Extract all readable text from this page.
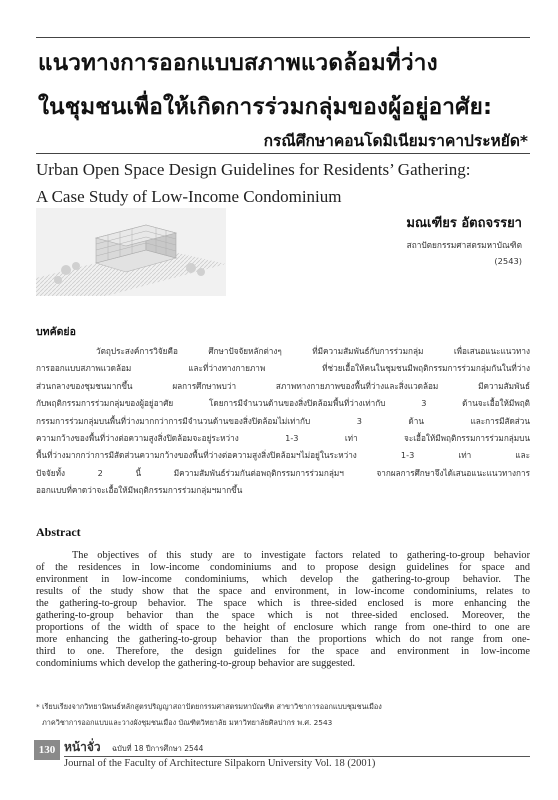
แนวทางการออกแบบสภาพแวดล้อมที่ว่าง
ในชุมชนเพื่อให้เกิดการร่วมกลุ่มของผู้อยู่อาศัย:
กรณีศึกษาคอนโดมิเนียมราคาประหยัด*
Urban Open Space Design Guidelines for Residents’ Gathering:
A Case Study of Low-Income Condominium
มณเฑียร อัตถจรรยา
สถาปัตยกรรมศาสตรมหาบัณฑิต
(2543)
บทคัดย่อ
วัตถุประสงค์การวิจัยคือ ศึกษาปัจจัยหลักต่างๆ ที่มีความสัมพันธ์กับการร่วมกลุ่ม เพื่อเสนอแนะแนวทาง
การออกแบบสภาพแวดล้อม และที่ว่างทางกายภาพ ที่ช่วยเอื้อให้คนในชุมชนมีพฤติกรรมการร่วมกลุ่มกันในที่ว่าง
ส่วนกลางของชุมชนมากขึ้น ผลการศึกษาพบว่า สภาพทางกายภาพของพื้นที่ว่างและสิ่งแวดล้อม มีความสัมพันธ์
กับพฤติกรรมการร่วมกลุ่มของผู้อยู่อาศัย โดยการมีจำนวนด้านของสิ่งปิดล้อมพื้นที่ว่างเท่ากับ 3 ด้านจะเอื้อให้มีพฤติ
กรรมการร่วมกลุ่มบนพื้นที่ว่างมากกว่าการมีจำนวนด้านของสิ่งปิดล้อมไม่เท่ากับ 3 ด้าน และการมีสัดส่วน
ความกว้างของพื้นที่ว่างต่อความสูงสิ่งปิดล้อมจะอยู่ระหว่าง 1-3 เท่า จะเอื้อให้มีพฤติกรรมการร่วมกลุ่มบน
พื้นที่ว่างมากกว่าการมีสัดส่วนความกว้างของพื้นที่ว่างต่อความสูงสิ่งปิดล้อมฯไม่อยู่ในระหว่าง 1-3 เท่า และ
ปัจจัยทั้ง 2 นี้ มีความสัมพันธ์ร่วมกันต่อพฤติกรรมการร่วมกลุ่มฯ จากผลการศึกษาจึงได้เสนอแนะแนวทางการ
ออกแบบที่คาดว่าจะเอื้อให้มีพฤติกรรมการร่วมกลุ่มฯมากขึ้น
Abstract
The objectives of this study are to investigate factors related to gathering-to-group behavior
of the residences in low-income condominiums and to propose design guidelines for space and
environment in low-income condominiums, which develop the gathering-to-group behavior. The
results of the study show that the space and environment, in low-income condominiums, relates to
the gathering-to-group behavior. The space which is three-sided enclosed is more enhancing the
gathering-to-group behavior than the space which is not three-sided enclosed. Moreover, the
proportions of the width of space to the height of enclosure which range from one-third to one are
more enhancing the gathering-to-group behavior than the proportions which do not range from one-
third to one. Therefore, the design guidelines for the space and environment in low-income
condominiums which develop the gathering-to-group behavior are suggested.
* เรียบเรียงจากวิทยานิพนธ์หลักสูตรปริญญาสถาปัตยกรรมศาสตรมหาบัณฑิต สาขาวิชาการออกแบบชุมชนเมือง
ภาควิชาการออกแบบและวางผังชุมชนเมือง บัณฑิตวิทยาลัย มหาวิทยาลัยศิลปากร พ.ศ. 2543
130 หน้าจั่ว ฉบับที่ 18 ปีการศึกษา 2544
Journal of the Faculty of Architecture Silpakorn University Vol. 18 (2001)
